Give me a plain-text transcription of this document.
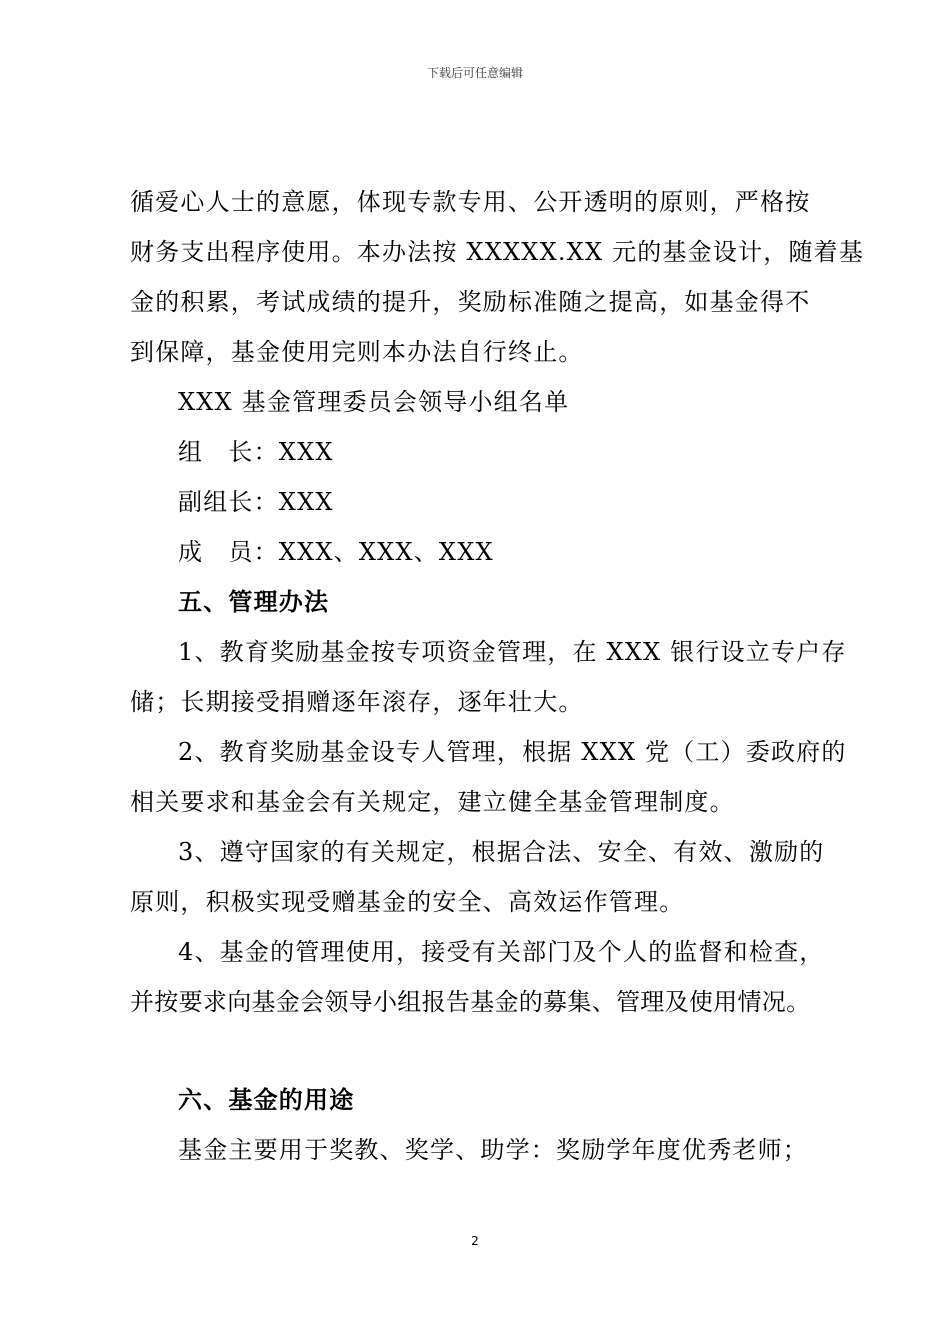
下载后可任意编辑
循爱心人士的意愿，体现专款专用、公开透明的原则，严格按
财务支出程序使用。本办法按 XXXXX.XX 元的基金设计，随着基
金的积累，考试成绩的提升，奖励标准随之提高，如基金得不
到保障，基金使用完则本办法自行终止。
XXX 基金管理委员会领导小组名单
组　长：XXX
副组长：XXX
成　员：XXX、XXX、XXX
五、管理办法
1、教育奖励基金按专项资金管理，在 XXX 银行设立专户存
储；长期接受捐赠逐年滚存，逐年壮大。
2、教育奖励基金设专人管理，根据 XXX 党（工）委政府的
相关要求和基金会有关规定，建立健全基金管理制度。
3、遵守国家的有关规定，根据合法、安全、有效、激励的
原则，积极实现受赠基金的安全、高效运作管理。
4、基金的管理使用，接受有关部门及个人的监督和检查，
并按要求向基金会领导小组报告基金的募集、管理及使用情况。
六、基金的用途
基金主要用于奖教、奖学、助学：奖励学年度优秀老师；
2
